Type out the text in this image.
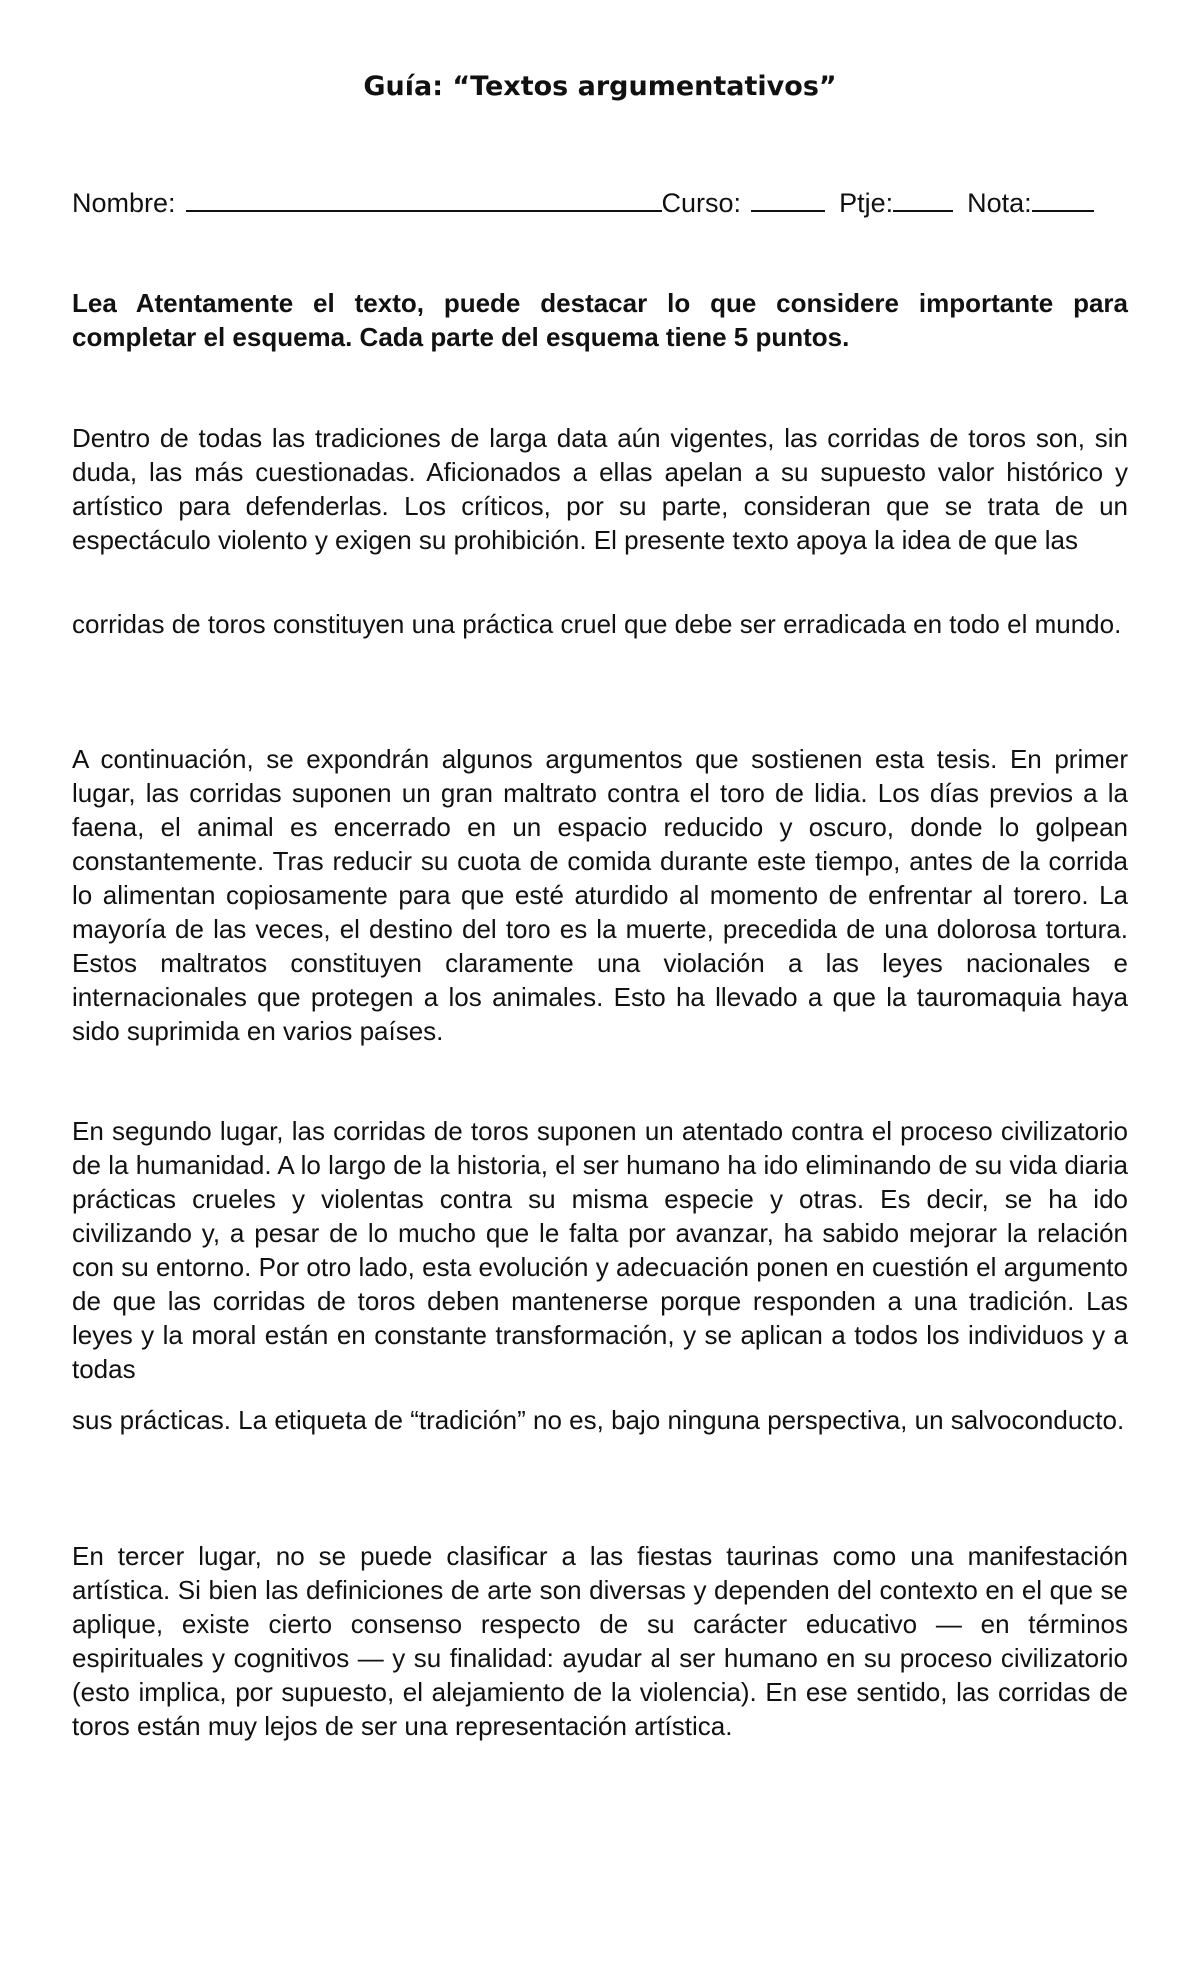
Guía: “Textos argumentativos”
Nombre:	Curso:	Ptje:	Nota:
Lea Atentamente el texto, puede destacar lo que considere importante para completar el esquema. Cada parte del esquema tiene 5 puntos.
Dentro de todas las tradiciones de larga data aún vigentes, las corridas de toros son, sin duda, las más cuestionadas. Aficionados a ellas apelan a su supuesto valor histórico y artístico para defenderlas. Los críticos, por su parte, consideran que se trata de un espectáculo violento y exigen su prohibición. El presente texto apoya la idea de que las
corridas de toros constituyen una práctica cruel que debe ser erradicada en todo el mundo.
A continuación, se expondrán algunos argumentos que sostienen esta tesis. En primer lugar, las corridas suponen un gran maltrato contra el toro de lidia. Los días previos a la faena, el animal es encerrado en un espacio reducido y oscuro, donde lo golpean constantemente. Tras reducir su cuota de comida durante este tiempo, antes de la corrida lo alimentan copiosamente para que esté aturdido al momento de enfrentar al torero. La mayoría de las veces, el destino del toro es la muerte, precedida de una dolorosa tortura. Estos maltratos constituyen claramente una violación a las leyes nacionales e internacionales que protegen a los animales. Esto ha llevado a que la tauromaquia haya sido suprimida en varios países.
En segundo lugar, las corridas de toros suponen un atentado contra el proceso civilizatorio de la humanidad. A lo largo de la historia, el ser humano ha ido eliminando de su vida diaria prácticas crueles y violentas contra su misma especie y otras. Es decir, se ha ido civilizando y, a pesar de lo mucho que le falta por avanzar, ha sabido mejorar la relación con su entorno. Por otro lado, esta evolución y adecuación ponen en cuestión el argumento de que las corridas de toros deben mantenerse porque responden a una tradición. Las leyes y la moral están en constante transformación, y se aplican a todos los individuos y a todas
sus prácticas. La etiqueta de “tradición” no es, bajo ninguna perspectiva, un salvoconducto.
En tercer lugar, no se puede clasificar a las fiestas taurinas como una manifestación artística. Si bien las definiciones de arte son diversas y dependen del contexto en el que se aplique, existe cierto consenso respecto de su carácter educativo — en términos espirituales y cognitivos — y su finalidad: ayudar al ser humano en su proceso civilizatorio (esto implica, por supuesto, el alejamiento de la violencia). En ese sentido, las corridas de toros están muy lejos de ser una representación artística.
